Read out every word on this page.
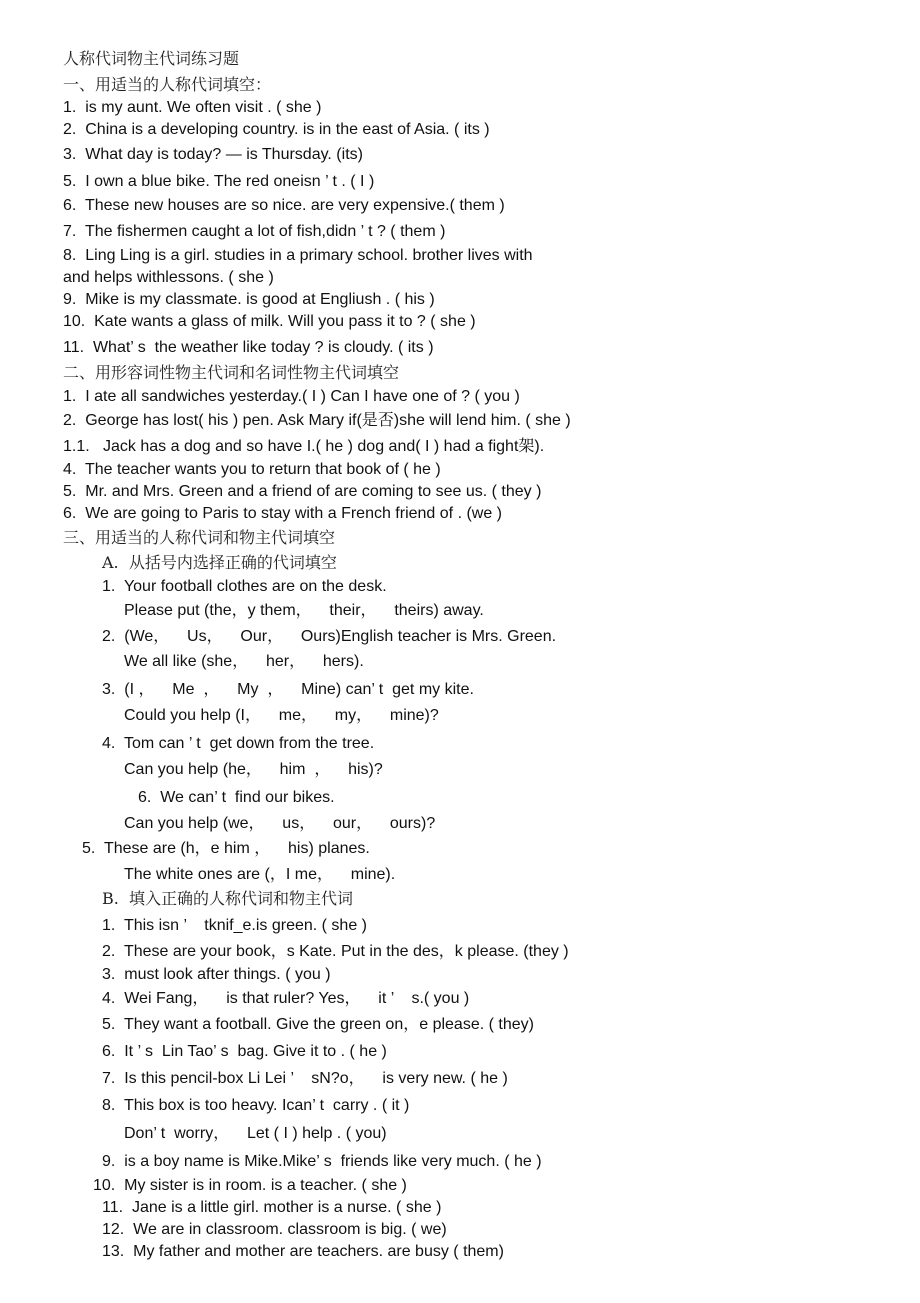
人称代词物主代词练习题
一、用适当的人称代词填空：
1.  is my aunt. We often visit . ( she )
2.  China is a developing country. is in the east of Asia. ( its )
3.  What day is today? — is Thursday. (its)
5.  I own a blue bike. The red oneisn ’ t . ( I )
6.  These new houses are so nice. are very expensive.( them )
7.  The fishermen caught a lot of fish,didn ’ t ? ( them )
8.  Ling Ling is a girl. studies in a primary school. brother lives with
and helps withlessons. ( she )
9.  Mike is my classmate. is good at Engliush . ( his )
10.  Kate wants a glass of milk. Will you pass it to ? ( she )
11.  What’ s  the weather like today ? is cloudy. ( its )
二、用形容词性物主代词和名词性物主代词填空
1.  I ate all sandwiches yesterday.( I ) Can I have one of ? ( you )
2.  George has lost( his ) pen. Ask Mary if(是否)she will lend him. ( she )
1.1.   Jack has a dog and so have I.( he ) dog and( I ) had a fight架).
4.  The teacher wants you to return that book of ( he )
5.  Mr. and Mrs. Green and a friend of are coming to see us. ( they )
6.  We are going to Paris to stay with a French friend of . (we )
三、用适当的人称代词和物主代词填空
A.  从括号内选择正确的代词填空
1.  Your football clothes are on the desk.
Please put (the，y them，    their，    theirs) away.
2.  (We，    Us，    Our，    Ours)English teacher is Mrs. Green.
We all like (she，    her，    hers).
3.  (I ，    Me  ，    My  ，    Mine) can’ t  get my kite.
Could you help (I，    me，    my，    mine)?
4.  Tom can ’ t  get down from the tree.
Can you help (he，    him  ，    his)?
6.  We can’ t  find our bikes.
Can you help (we，    us，    our，    ours)?
5.  These are (h，e him ，    his) planes.
The white ones are (，I me，    mine).
B.  填入正确的人称代词和物主代词
1.  This isn ’    tknif_e.is green. ( she )
2.  These are your book，s Kate. Put in the des，k please. (they )
3.  must look after things. ( you )
4.  Wei Fang，    is that ruler? Yes，    it ’    s.( you )
5.  They want a football. Give the green on，e please. ( they)
6.  It ’ s  Lin Tao’ s  bag. Give it to . ( he )
7.  Is this pencil-box Li Lei ’    sN?o，    is very new. ( he )
8.  This box is too heavy. Ican’ t  carry . ( it )
Don’ t  worry，    Let ( I ) help . ( you)
9.  is a boy name is Mike.Mike’ s  friends like very much. ( he )
10.  My sister is in room. is a teacher. ( she )
11.  Jane is a little girl. mother is a nurse. ( she )
12.  We are in classroom. classroom is big. ( we)
13.  My father and mother are teachers. are busy ( them)
